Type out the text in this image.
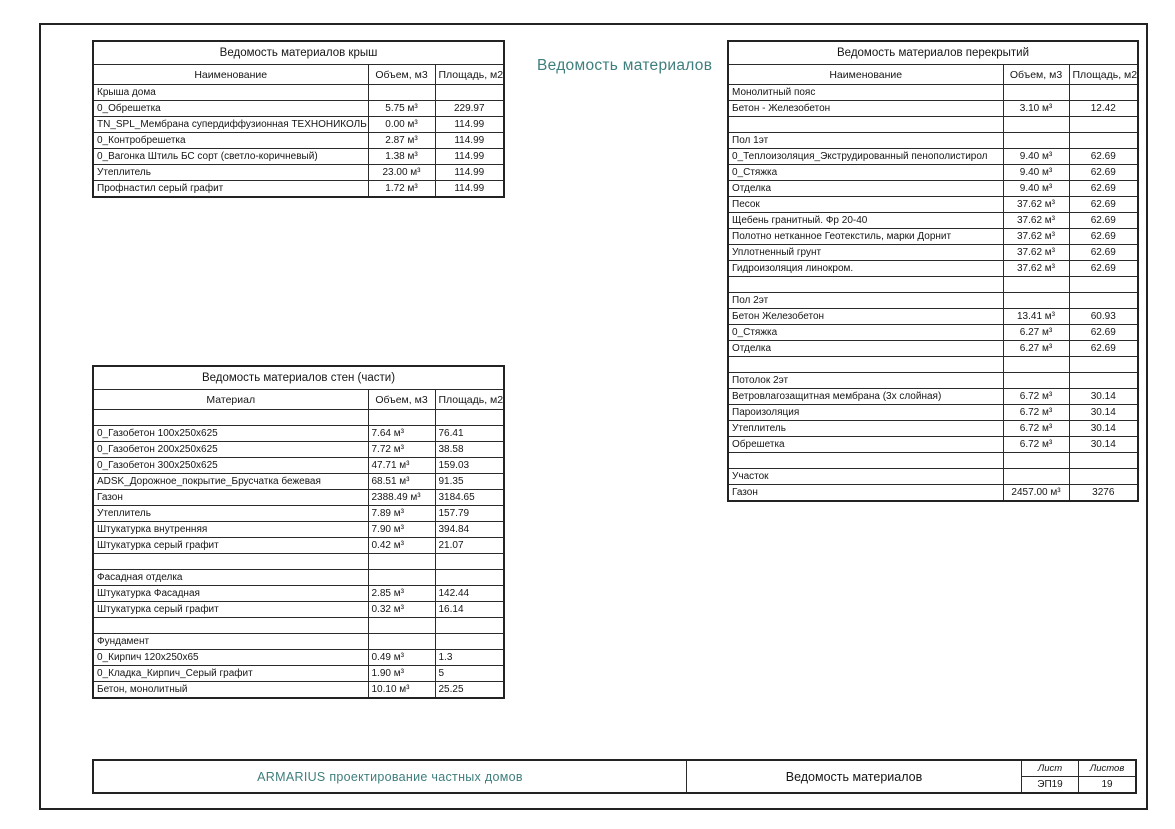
Ведомость материалов
Ведомость материалов крыш		
Наименование	Объем, м3	Площадь, м2
Крыша дома		
0_Обрешетка	5.75 м³	229.97
TN_SPL_Мембрана супердиффузионная ТЕХНОНИКОЛЬ	0.00 м³	114.99
0_Контробрешетка	2.87 м³	114.99
0_Вагонка Штиль БС сорт (светло-коричневый)	1.38 м³	114.99
Утеплитель	23.00 м³	114.99
Профнастил серый графит	1.72 м³	114.99
Ведомость материалов стен (части)		
Материал	Объем, м3	Площадь, м2

0_Газобетон 100x250x625	7.64 м³	76.41
0_Газобетон 200x250x625	7.72 м³	38.58
0_Газобетон 300x250x625	47.71 м³	159.03
ADSK_Дорожное_покрытие_Брусчатка бежевая	68.51 м³	91.35
Газон	2388.49 м³	3184.65
Утеплитель	7.89 м³	157.79
Штукатурка внутренняя	7.90 м³	394.84
Штукатурка серый графит	0.42 м³	21.07

Фасадная отделка		
Штукатурка Фасадная	2.85 м³	142.44
Штукатурка серый графит	0.32 м³	16.14

Фундамент		
0_Кирпич 120x250x65	0.49 м³	1.3
0_Кладка_Кирпич_Серый графит	1.90 м³	5
Бетон, монолитный	10.10 м³	25.25
Ведомость материалов перекрытий		
Наименование	Объем, м3	Площадь, м2
Монолитный пояс		
Бетон - Железобетон	3.10 м³	12.42

Пол 1эт		
0_Теплоизоляция_Экструдированный пенополистирол	9.40 м³	62.69
0_Стяжка	9.40 м³	62.69
Отделка	9.40 м³	62.69
Песок	37.62 м³	62.69
Щебень гранитный. Фр 20-40	37.62 м³	62.69
Полотно нетканное Геотекстиль, марки Дорнит	37.62 м³	62.69
Уплотненный грунт	37.62 м³	62.69
Гидроизоляция линокром.	37.62 м³	62.69

Пол 2эт		
Бетон Железобетон	13.41 м³	60.93
0_Стяжка	6.27 м³	62.69
Отделка	6.27 м³	62.69

Потолок 2эт		
Ветровлагозащитная мембрана (3х слойная)	6.72 м³	30.14
Пароизоляция	6.72 м³	30.14
Утеплитель	6.72 м³	30.14
Обрешетка	6.72 м³	30.14

Участок		
Газон	2457.00 м³	3276
ARMARIUS проектирование частных домов	Ведомость материалов
Лист	Листов
ЭП19	19
